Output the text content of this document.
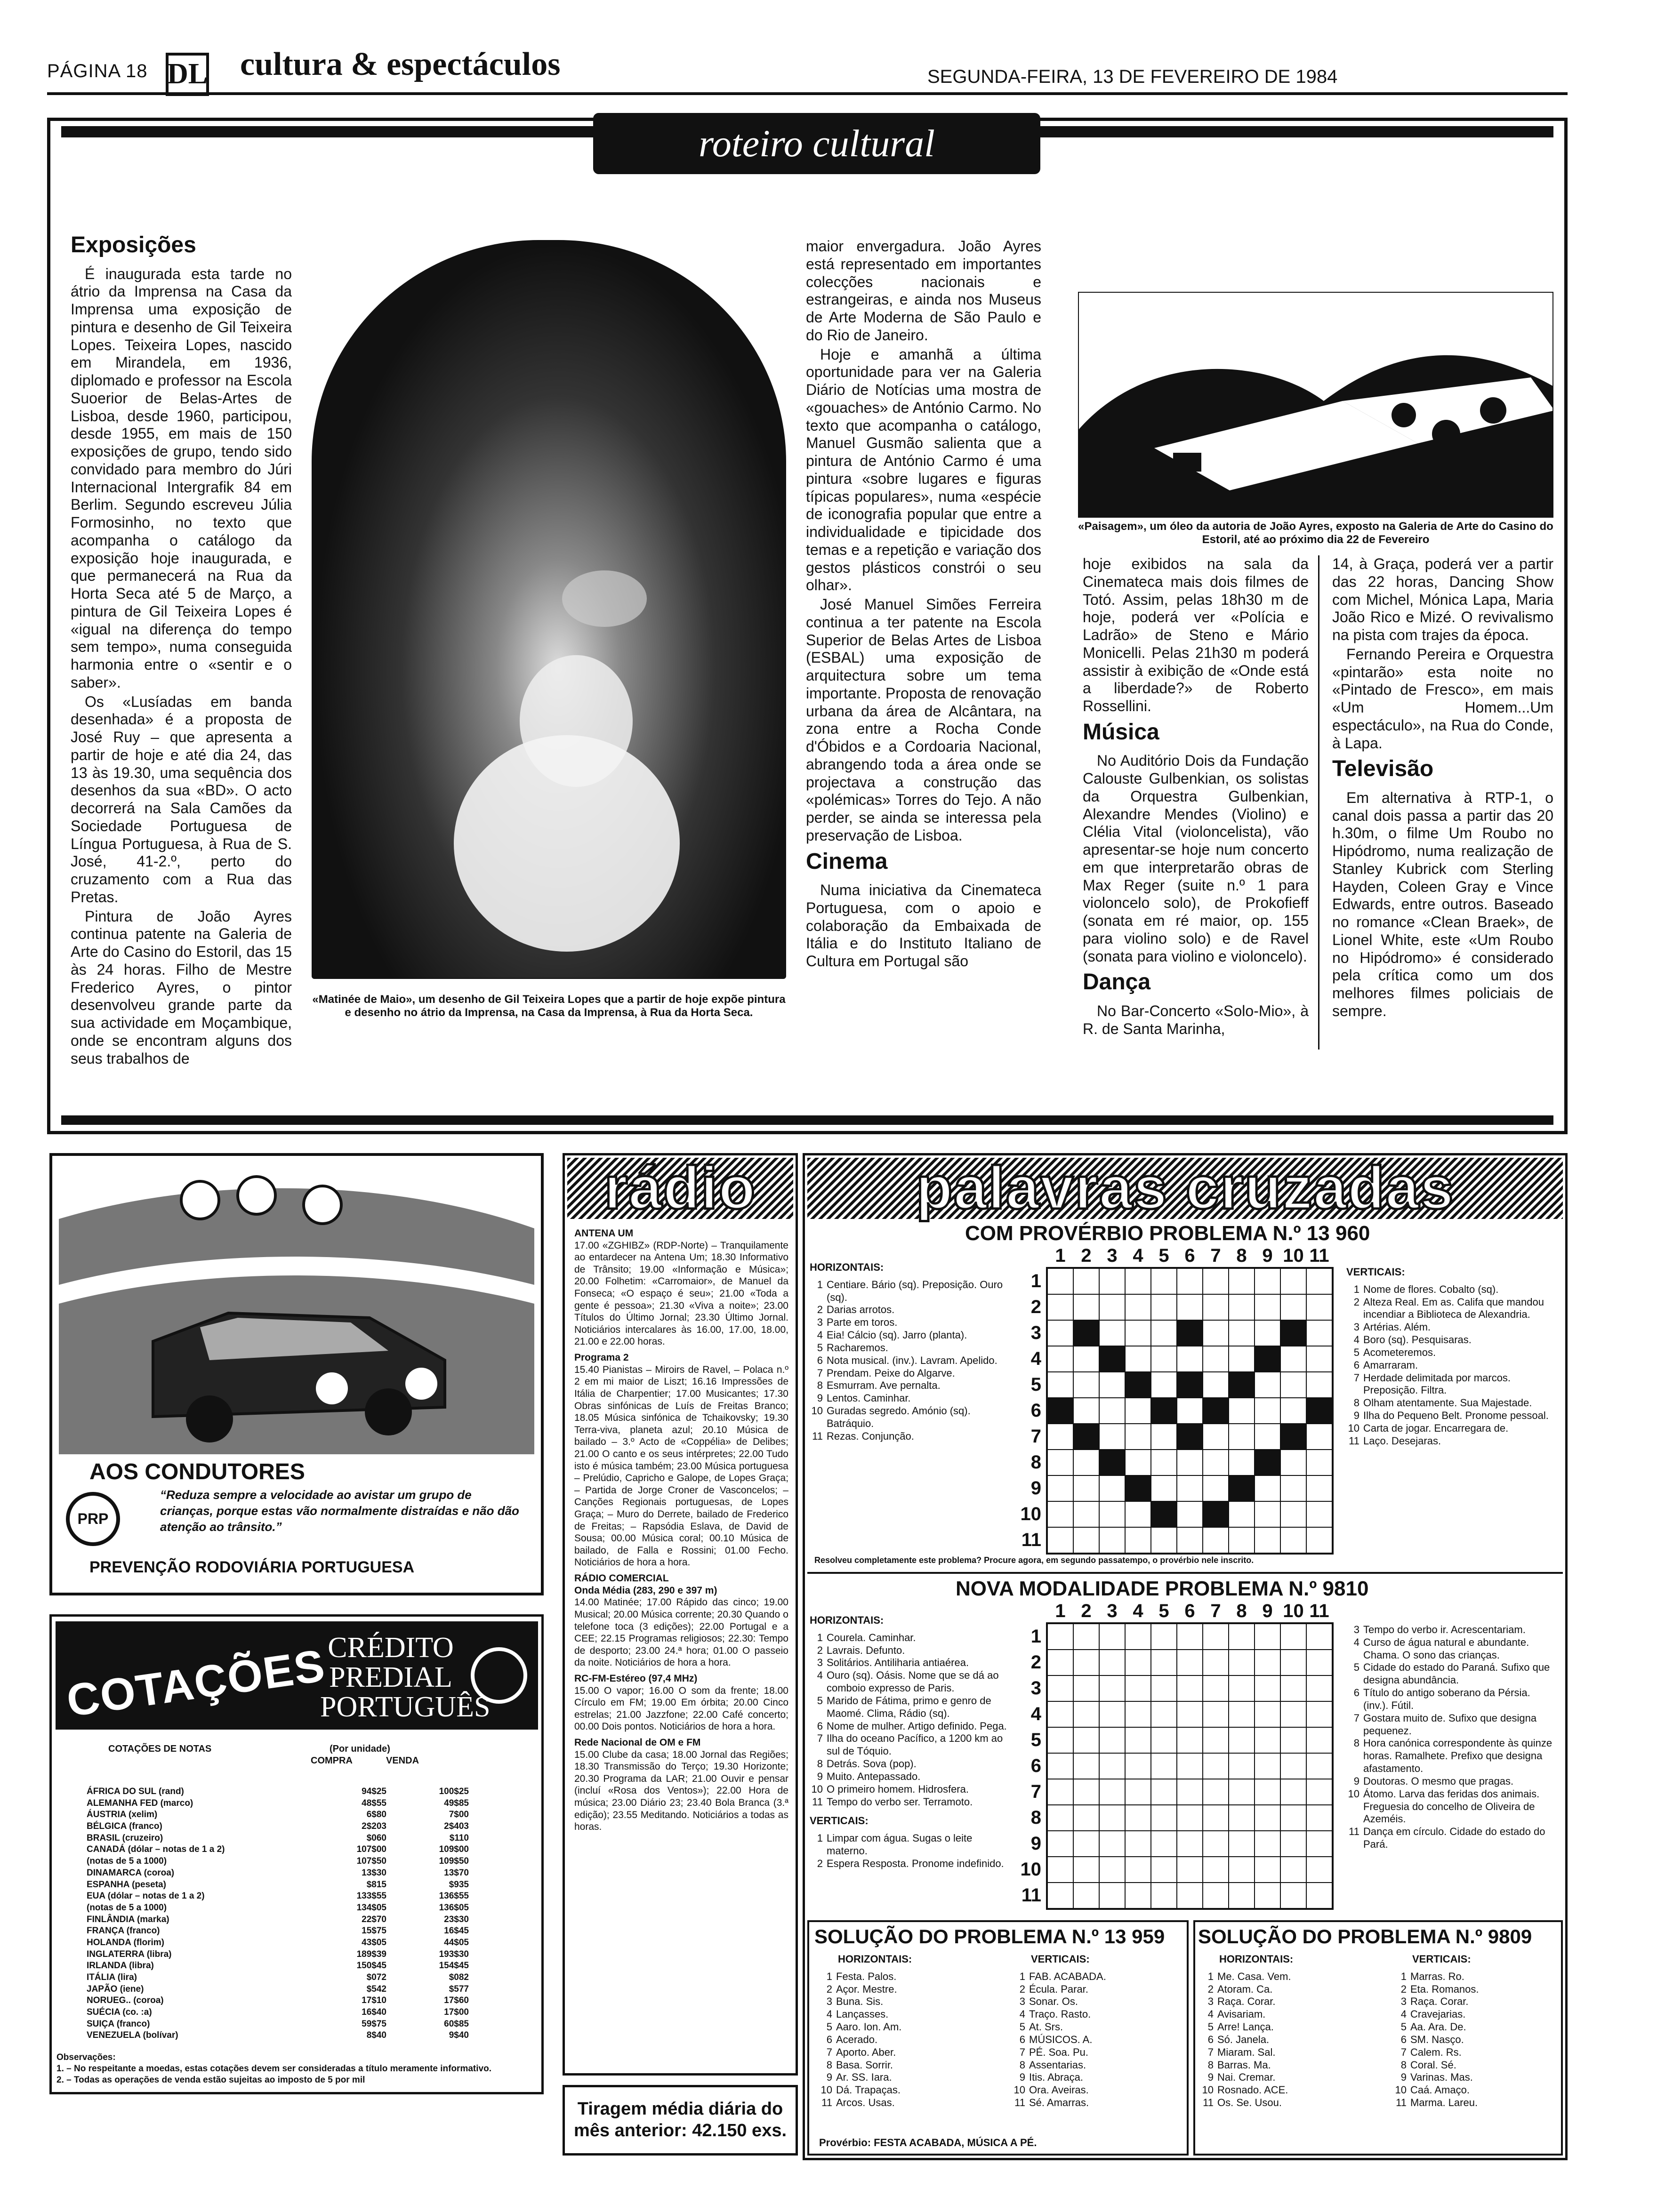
PÁGINA 18 DL cultura & espectáculos	SEGUNDA-FEIRA, 13 DE FEVEREIRO DE 1984
roteiro cultural
Exposições

É inaugurada esta tarde no átrio da Imprensa na Casa da Imprensa uma exposição de pintura e desenho de Gil Teixeira Lopes. Teixeira Lopes, nascido em Mirandela, em 1936, diplomado e professor na Escola Suoerior de Belas-Artes de Lisboa, desde 1960, participou, desde 1955, em mais de 150 exposições de grupo, tendo sido convidado para membro do Júri Internacional Intergrafik 84 em Berlim. Segundo escreveu Júlia Formosinho, no texto que acompanha o catálogo da exposição hoje inaugurada, e que permanecerá na Rua da Horta Seca até 5 de Março, a pintura de Gil Teixeira Lopes é «igual na diferença do tempo sem tempo», numa conseguida harmonia entre o «sentir e o saber».

Os «Lusíadas em banda desenhada» é a proposta de José Ruy – que apresenta a partir de hoje e até dia 24, das 13 às 19.30, uma sequência dos desenhos da sua «BD». O acto decorrerá na Sala Camões da Sociedade Portuguesa de Língua Portuguesa, à Rua de S. José, 41-2.º, perto do cruzamento com a Rua das Pretas.

Pintura de João Ayres continua patente na Galeria de Arte do Casino do Estoril, das 15 às 24 horas. Filho de Mestre Frederico Ayres, o pintor desenvolveu grande parte da sua actividade em Moçambique, onde se encontram alguns dos seus trabalhos de

«Matinée de Maio», um desenho de Gil Teixeira Lopes que a partir de hoje expõe pintura e desenho no átrio da Imprensa, na Casa da Imprensa, à Rua da Horta Seca.

maior envergadura. João Ayres está representado em importantes colecções nacionais e estrangeiras, e ainda nos Museus de Arte Moderna de São Paulo e do Rio de Janeiro.

Hoje e amanhã a última oportunidade para ver na Galeria Diário de Notícias uma mostra de «gouaches» de António Carmo. No texto que acompanha o catálogo, Manuel Gusmão salienta que a pintura de António Carmo é uma pintura «sobre lugares e figuras típicas populares», numa «espécie de iconografia popular que entre a individualidade e tipicidade dos temas e a repetição e variação dos gestos plásticos constrói o seu olhar».

José Manuel Simões Ferreira continua a ter patente na Escola Superior de Belas Artes de Lisboa (ESBAL) uma exposição de arquitectura sobre um tema importante. Proposta de renovação urbana da área de Alcântara, na zona entre a Rocha Conde d'Óbidos e a Cordoaria Nacional, abrangendo toda a área onde se projectava a construção das «polémicas» Torres do Tejo. A não perder, se ainda se interessa pela preservação de Lisboa.

Cinema

Numa iniciativa da Cinemateca Portuguesa, com o apoio e colaboração da Embaixada de Itália e do Instituto Italiano de Cultura em Portugal são

«Paisagem», um óleo da autoria de João Ayres, exposto na Galeria de Arte do Casino do Estoril, até ao próximo dia 22 de Fevereiro

hoje exibidos na sala da Cinemateca mais dois filmes de Totó. Assim, pelas 18h30 m de hoje, poderá ver «Polícia e Ladrão» de Steno e Mário Monicelli. Pelas 21h30 m poderá assistir à exibição de «Onde está a liberdade?» de Roberto Rossellini.

Música

No Auditório Dois da Fundação Calouste Gulbenkian, os solistas da Orquestra Gulbenkian, Alexandre Mendes (Violino) e Clélia Vital (violoncelista), vão apresentar-se hoje num concerto em que interpretarão obras de Max Reger (suite n.º 1 para violoncelo solo), de Prokofieff (sonata em ré maior, op. 155 para violino solo) e de Ravel (sonata para violino e violoncelo).

Dança

No Bar-Concerto «Solo-Mio», à R. de Santa Marinha,

14, à Graça, poderá ver a partir das 22 horas, Dancing Show com Michel, Mónica Lapa, Maria João Rico e Mizé. O revivalismo na pista com trajes da época.

Fernando Pereira e Orquestra «pintarão» esta noite no «Pintado de Fresco», em mais «Um Homem...Um espectáculo», na Rua do Conde, à Lapa.

Televisão

Em alternativa à RTP-1, o canal dois passa a partir das 20 h.30m, o filme Um Roubo no Hipódromo, numa realização de Stanley Kubrick com Sterling Hayden, Coleen Gray e Vince Edwards, entre outros. Baseado no romance «Clean Braek», de Lionel White, este «Um Roubo no Hipódromo» é considerado pela crítica como um dos melhores filmes policiais de sempre.

AOS CONDUTORES
PRP
“Reduza sempre a velocidade ao avistar um grupo de crianças, porque estas vão normalmente distraídas e não dão atenção ao trânsito.”
PREVENÇÃO RODOVIÁRIA PORTUGUESA
COTAÇÕES
CRÉDITO PREDIAL PORTUGUÊS
COTAÇÕES DE NOTAS	(Por unidade)
COMPRA	VENDA
ÁFRICA DO SUL (rand)	94$25	100$25
ALEMANHA FED (marco)	48$55	49$85
ÁUSTRIA (xelim)	6$80	7$00
BÉLGICA (franco)	2$203	2$403
BRASIL (cruzeiro)	$060	$110
CANADÁ (dólar – notas de 1 a 2)	107$00	109$00
(notas de 5 a 1000)	107$50	109$50
DINAMARCA (coroa)	13$30	13$70
ESPANHA (peseta)	$815	$935
EUA (dólar – notas de 1 a 2)	133$55	136$55
(notas de 5 a 1000)	134$05	136$05
FINLÂNDIA (marka)	22$70	23$30
FRANÇA (franco)	15$75	16$45
HOLANDA (florim)	43$05	44$05
INGLATERRA (libra)	189$39	193$30
IRLANDA (libra)	150$45	154$45
ITÁLIA (lira)	$072	$082
JAPÃO (iene)	$542	$577
NORUEG.. (coroa)	17$10	17$60
SUÉCIA (co. :a)	16$40	17$00
SUIÇA (franco)	59$75	60$85
VENEZUELA (bolívar)	8$40	9$40
Observações:
1. – No respeitante a moedas, estas cotações devem ser consideradas a título meramente informativo.
2. – Todas as operações de venda estão sujeitas ao imposto de 5 por mil
rádio
ANTENA UM

17.00 «ZGHIBZ» (RDP-Norte) – Tranquilamente ao entardecer na Antena Um; 18.30 Informativo de Trânsito; 19.00 «Informação e Música»; 20.00 Folhetim: «Carromaior», de Manuel da Fonseca; «O espaço é seu»; 21.00 «Toda a gente é pessoa»; 21.30 «Viva a noite»; 23.00 Títulos do Último Jornal; 23.30 Último Jornal. Noticiários intercalares às 16.00, 17.00, 18.00, 21.00 e 22.00 horas.

Programa 2

15.40 Pianistas – Miroirs de Ravel, – Polaca n.º 2 em mi maior de Liszt; 16.16 Impressões de Itália de Charpentier; 17.00 Musicantes; 17.30 Obras sinfónicas de Luís de Freitas Branco; 18.05 Música sinfónica de Tchaikovsky; 19.30 Terra-viva, planeta azul; 20.10 Música de bailado – 3.º Acto de «Coppélia» de Delibes; 21.00 O canto e os seus intérpretes; 22.00 Tudo isto é música também; 23.00 Música portuguesa – Prelúdio, Capricho e Galope, de Lopes Graça; – Partida de Jorge Croner de Vasconcelos; – Canções Regionais portuguesas, de Lopes Graça; – Muro do Derrete, bailado de Frederico de Freitas; – Rapsódia Eslava, de David de Sousa; 00.00 Música coral; 00.10 Música de bailado, de Falla e Rossini; 01.00 Fecho. Noticiários de hora a hora.

RÁDIO COMERCIAL
Onda Média (283, 290 e 397 m)

14.00 Matinée; 17.00 Rápido das cinco; 19.00 Musical; 20.00 Música corrente; 20.30 Quando o telefone toca (3 edições); 22.00 Portugal e a CEE; 22.15 Programas religiosos; 22.30: Tempo de desporto; 23.00 24.ª hora; 01.00 O passeio da noite. Noticiários de hora a hora.

RC-FM-Estéreo (97,4 MHz)

15.00 O vapor; 16.00 O som da frente; 18.00 Círculo em FM; 19.00 Em órbita; 20.00 Cinco estrelas; 21.00 Jazzfone; 22.00 Café concerto; 00.00 Dois pontos. Noticiários de hora a hora.

Rede Nacional de OM e FM

15.00 Clube da casa; 18.00 Jornal das Regiões; 18.30 Transmissão do Terço; 19.30 Horizonte; 20.30 Programa da LAR; 21.00 Ouvir e pensar (incluí «Rosa dos Ventos»); 22.00 Hora de música; 23.00 Diário 23; 23.40 Bola Branca (3.ª edição); 23.55 Meditando. Noticiários a todas as horas.

Tiragem média diária do mês anterior: 42.150 exs.
palavras cruzadas
COM PROVÉRBIO PROBLEMA N.º 13 960
1 2 3 4 5 6 7 8 9 10 11
1
2
3
4
5
6
7
8
9
10
11
HORIZONTAIS:
1 Centiare. Bário (sq). Preposição. Ouro (sq).
2 Darias arrotos.
3 Parte em toros.
4 Eia! Cálcio (sq). Jarro (planta).
5 Racharemos.
6 Nota musical. (inv.). Lavram. Apelido.
7 Prendam. Peixe do Algarve.
8 Esmurram. Ave pernalta.
9 Lentos. Caminhar.
10 Guradas segredo. Amónio (sq). Batráquio.
11 Rezas. Conjunção.
VERTICAIS:
1 Nome de flores. Cobalto (sq).
2 Alteza Real. Em as. Califa que mandou incendiar a Biblioteca de Alexandria.
3 Artérias. Além.
4 Boro (sq). Pesquisaras.
5 Acometeremos.
6 Amarraram.
7 Herdade delimitada por marcos. Preposição. Filtra.
8 Olham atentamente. Sua Majestade.
9 Ilha do Pequeno Belt. Pronome pessoal.
10 Carta de jogar. Encarregara de.
11 Laço. Desejaras.
Resolveu completamente este problema? Procure agora, em segundo passatempo, o provérbio nele inscrito.
NOVA MODALIDADE PROBLEMA N.º 9810
1 2 3 4 5 6 7 8 9 10 11
1
2
3
4
5
6
7
8
9
10
11
HORIZONTAIS:
1 Courela. Caminhar.
2 Lavrais. Defunto.
3 Solitários. Antiliharia antiaérea.
4 Ouro (sq). Oásis. Nome que se dá ao comboio expresso de Paris.
5 Marido de Fátima, primo e genro de Maomé. Clima, Rádio (sq).
6 Nome de mulher. Artigo definido. Pega.
7 Ilha do oceano Pacífico, a 1200 km ao sul de Tóquio.
8 Detrás. Sova (pop).
9 Muito. Antepassado.
10 O primeiro homem. Hidrosfera.
11 Tempo do verbo ser. Terramoto.
VERTICAIS:
1 Limpar com água. Sugas o leite materno.
2 Espera Resposta. Pronome indefinido.
3 Tempo do verbo ir. Acrescentariam.
4 Curso de água natural e abundante. Chama. O sono das crianças.
5 Cidade do estado do Paraná. Sufixo que designa abundância.
6 Título do antigo soberano da Pérsia. (inv.). Fútil.
7 Gostara muito de. Sufixo que designa pequenez.
8 Hora canónica correspondente às quinze horas. Ramalhete. Prefixo que designa afastamento.
9 Doutoras. O mesmo que pragas.
10 Átomo. Larva das feridas dos animais. Freguesia do concelho de Oliveira de Azeméis.
11 Dança em círculo. Cidade do estado do Pará.
SOLUÇÃO DO PROBLEMA N.º 13 959
HORIZONTAIS:
1 Festa. Palos.
2 Açor. Mestre.
3 Buna. Sis.
4 Lançasses.
5 Aaro. Ion. Am.
6 Acerado.
7 Aporto. Aber.
8 Basa. Sorrir.
9 Ar. SS. Iara.
10 Dá. Trapaças.
11 Arcos. Usas.
VERTICAIS:
1 FAB. ACABADA.
2 Écula. Parar.
3 Sonar. Os.
4 Traço. Rasto.
5 At. Srs.
6 MÚSICOS. A.
7 PÉ. Soa. Pu.
8 Assentarias.
9 Itis. Abraça.
10 Ora. Aveiras.
11 Sé. Amarras.
Provérbio: FESTA ACABADA, MÚSICA A PÉ.
SOLUÇÃO DO PROBLEMA N.º 9809
HORIZONTAIS:
1 Me. Casa. Vem.
2 Atoram. Ca.
3 Raça. Corar.
4 Avisariam.
5 Arre! Lança.
6 Só. Janela.
7 Miaram. Sal.
8 Barras. Ma.
9 Nai. Cremar.
10 Rosnado. ACE.
11 Os. Se. Usou.
VERTICAIS:
1 Marras. Ro.
2 Eta. Romanos.
3 Raça. Corar.
4 Cravejarias.
5 Aa. Ara. De.
6 SM. Nasço.
7 Calem. Rs.
8 Coral. Sé.
9 Varinas. Mas.
10 Caá. Amaço.
11 Marma. Lareu.
